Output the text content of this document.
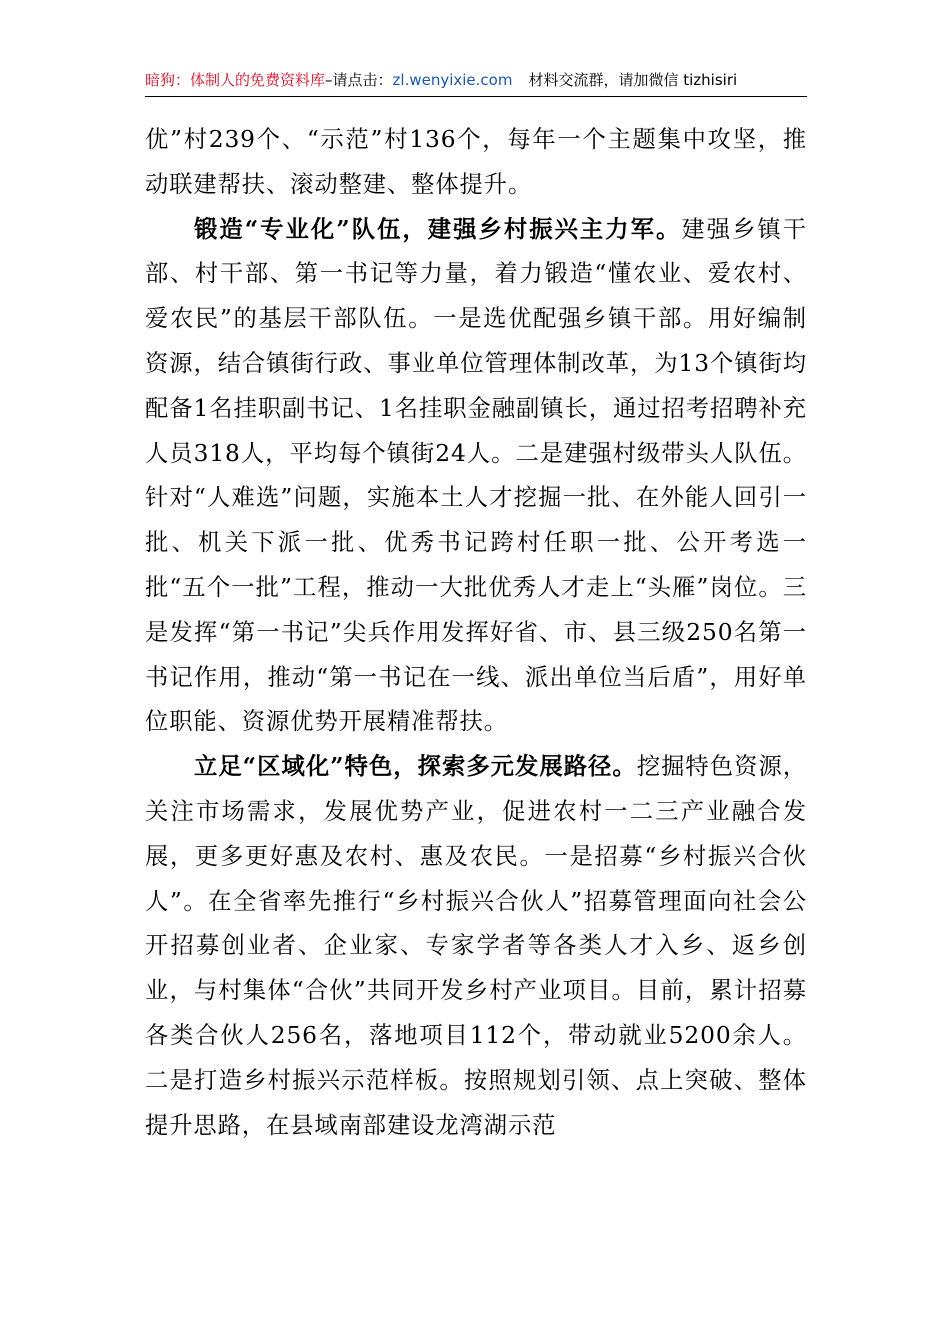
暗狗：体制人的免费资料库–请点击：zl.wenyixie.com 材料交流群，请加微信 tizhisiri

优”村239个、“示范”村136个，每年一个主题集中攻坚，推动联建帮扶、滚动整建、整体提升。

锻造“专业化”队伍，建强乡村振兴主力军。建强乡镇干部、村干部、第一书记等力量，着力锻造“懂农业、爱农村、爱农民”的基层干部队伍。一是选优配强乡镇干部。用好编制资源，结合镇街行政、事业单位管理体制改革，为13个镇街均配备1名挂职副书记、1名挂职金融副镇长，通过招考招聘补充人员318人，平均每个镇街24人。二是建强村级带头人队伍。针对“人难选”问题，实施本土人才挖掘一批、在外能人回引一批、机关下派一批、优秀书记跨村任职一批、公开考选一批“五个一批”工程，推动一大批优秀人才走上“头雁”岗位。三是发挥“第一书记”尖兵作用发挥好省、市、县三级250名第一书记作用，推动“第一书记在一线、派出单位当后盾”，用好单位职能、资源优势开展精准帮扶。

立足“区域化”特色，探索多元发展路径。挖掘特色资源，关注市场需求，发展优势产业，促进农村一二三产业融合发展，更多更好惠及农村、惠及农民。一是招募“乡村振兴合伙人”。在全省率先推行“乡村振兴合伙人”招募管理面向社会公开招募创业者、企业家、专家学者等各类人才入乡、返乡创业，与村集体“合伙”共同开发乡村产业项目。目前，累计招募各类合伙人256名，落地项目112个，带动就业5200余人。二是打造乡村振兴示范样板。按照规划引领、点上突破、整体提升思路，在县域南部建设龙湾湖示范
